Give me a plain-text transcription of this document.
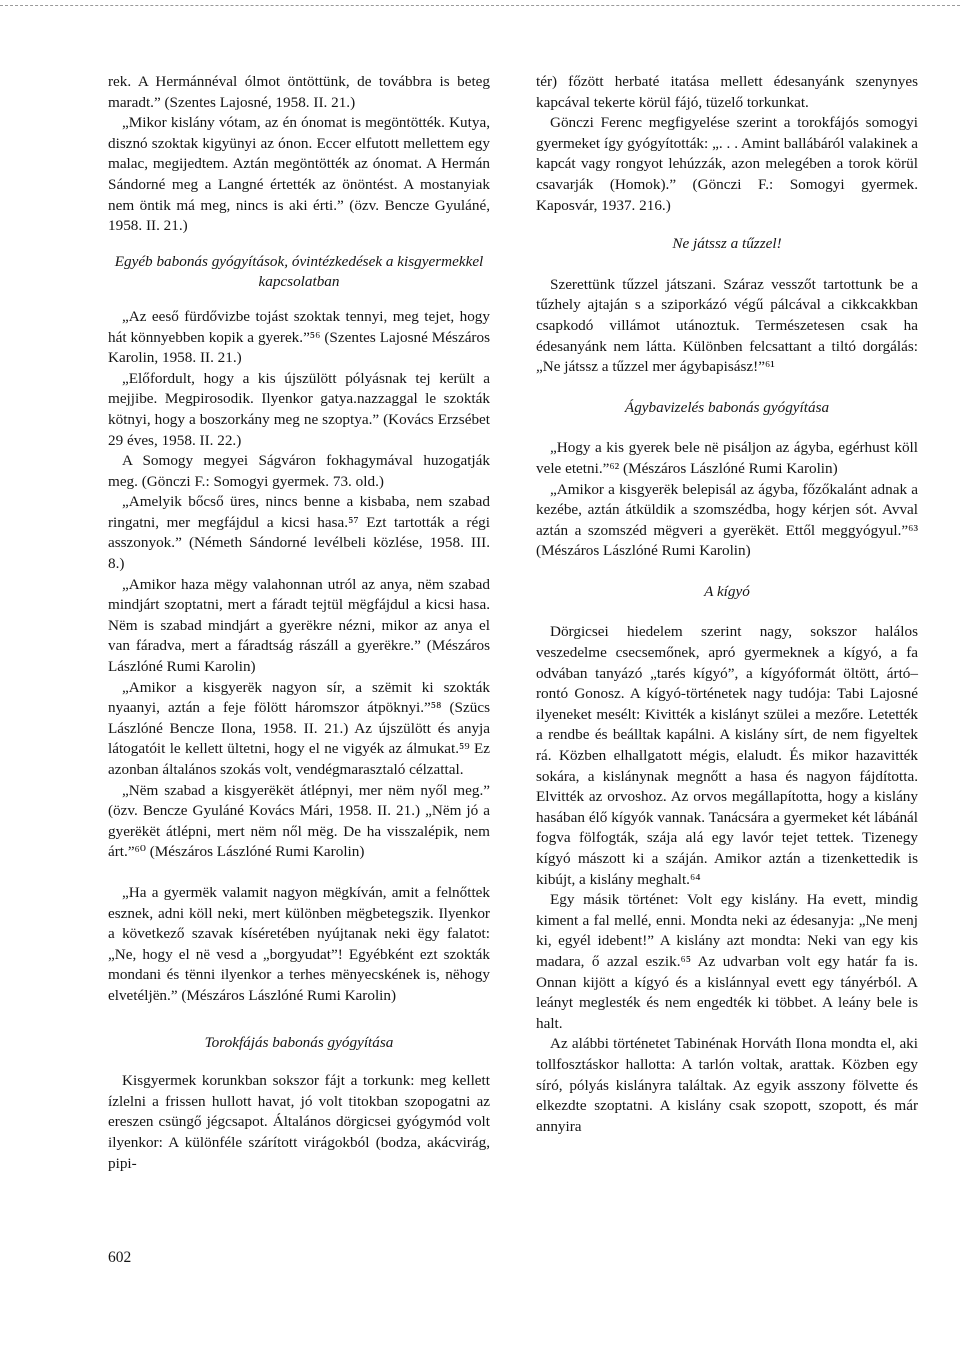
rek. A Hermánnéval ólmot öntöttünk, de továbbra is beteg maradt.” (Szentes Lajosné, 1958. II. 21.)

„Mikor kislány vótam, az én ónomat is megöntötték. Kutya, disznó szoktak kigyünyi az ónon. Eccer elfutott mellettem egy malac, megijedtem. Aztán megöntötték az ónomat. A Hermán Sándorné meg a Langné értették az önöntést. A mostanyiak nem öntik má meg, nincs is aki érti.” (özv. Bencze Gyuláné, 1958. II. 21.)

Egyéb babonás gyógyítások, óvintézkedések a kisgyermekkel kapcsolatban

„Az eeső fürdővizbe tojást szoktak tennyi, meg tejet, hogy hát könnyebben kopik a gyerek.”⁵⁶ (Szentes Lajosné Mészáros Karolin, 1958. II. 21.)

„Előfordult, hogy a kis újszülött pólyásnak tej került a mejjibe. Megpirosodik. Ilyenkor gatya.nazzaggal le szokták kötnyi, hogy a boszorkány meg ne szoptya.” (Kovács Erzsébet 29 éves, 1958. II. 22.)

A Somogy megyei Ságváron fokhagymával huzogatják meg. (Gönczi F.: Somogyi gyermek. 73. old.)

„Amelyik bőcső üres, nincs benne a kisbaba, nem szabad ringatni, mer megfájdul a kicsi hasa.⁵⁷ Ezt tartották a régi asszonyok.” (Németh Sándorné levélbeli közlése, 1958. III. 8.)

„Amikor haza mëgy valahonnan utról az anya, nëm szabad mindjárt szoptatni, mert a fáradt tejtül mëgfájdul a kicsi hasa. Nëm is szabad mindjárt a gyerëkre nézni, mikor az anya el van fáradva, mert a fáradtság rászáll a gyerëkre.” (Mészáros Lászlóné Rumi Karolin)

„Amikor a kisgyerëk nagyon sír, a szëmit ki szokták nyaanyi, aztán a feje fölött háromszor átpöknyi.”⁵⁸ (Szücs Lászlóné Bencze Ilona, 1958. II. 21.) Az újszülött és anyja látogatóit le kellett ültetni, hogy el ne vigyék az álmukat.⁵⁹ Ez azonban általános szokás volt, vendégmarasztaló célzattal.

„Nëm szabad a kisgyerëkët átlépnyi, mer nëm nyől meg.” (özv. Bencze Gyuláné Kovács Mári, 1958. II. 21.) „Nëm jó a gyerëkët átlépni, mert nëm nől mëg. De ha visszalépik, nem árt.”⁶⁰ (Mészáros Lászlóné Rumi Karolin)

„Ha a gyermëk valamit nagyon mëgkíván, amit a felnőttek esznek, adni köll neki, mert különben mëgbetegszik. Ilyenkor a következő szavak kíséretében nyújtanak neki ëgy falatot: „Ne, hogy el në vesd a „borgyudat”! Egyébként ezt szokták mondani és tënni ilyenkor a terhes mënyecskének is, nëhogy elvetéljën.” (Mészáros Lászlóné Rumi Karolin)

Torokfájás babonás gyógyítása

Kisgyermek korunkban sokszor fájt a torkunk: meg kellett ízlelni a frissen hullott havat, jó volt titokban szopogatni az ereszen csüngő jégcsapot. Általános dörgicsei gyógymód volt ilyenkor: A különféle szárított virágokból (bodza, akácvirág, pipi-

tér) főzött herbaté itatása mellett édesanyánk szenynyes kapcával tekerte körül fájó, tüzelő torkunkat.

Gönczi Ferenc megfigyelése szerint a torokfájós somogyi gyermeket így gyógyították: „. . . Amint ballábáról valakinek a kapcát vagy rongyot lehúzzák, azon melegében a torok körül csavarják (Homok).” (Gönczi F.: Somogyi gyermek. Kaposvár, 1937. 216.)

Ne játssz a tűzzel!

Szerettünk tűzzel játszani. Száraz vesszőt tartottunk be a tűzhely ajtaján s a sziporkázó végű pálcával a cikkcakkban csapkodó villámot utánoztuk. Természetesen csak ha édesanyánk nem látta. Különben felcsattant a tiltó dorgálás: „Ne játssz a tűzzel mer ágybapisász!”⁶¹

Ágybavizelés babonás gyógyítása

„Hogy a kis gyerek bele në pisáljon az ágyba, egérhust köll vele etetni.”⁶² (Mészáros Lászlóné Rumi Karolin)

„Amikor a kisgyerëk belepisál az ágyba, főzőkalánt adnak a kezébe, aztán átküldik a szomszédba, hogy kérjen sót. Avval aztán a szomszéd mëgveri a gyerëkët. Ettől meggyógyul.”⁶³ (Mészáros Lászlóné Rumi Karolin)

A kígyó

Dörgicsei hiedelem szerint nagy, sokszor halálos veszedelme csecsemőnek, apró gyermeknek a kígyó, a fa odvában tanyázó „tarés kígyó”, a kígyóformát öltött, ártó–rontó Gonosz. A kígyó-történetek nagy tudója: Tabi Lajosné ilyeneket mesélt: Kivitték a kislányt szülei a mezőre. Letették a rendbe és beálltak kapálni. A kislány sírt, de nem figyeltek rá. Közben elhallgatott mégis, elaludt. És mikor hazavitték sokára, a kislánynak megnőtt a hasa és nagyon fájdította. Elvitték az orvoshoz. Az orvos megállapította, hogy a kislány hasában élő kígyók vannak. Tanácsára a gyermeket két lábánál fogva fölfogták, szája alá egy lavór tejet tettek. Tizenegy kígyó mászott ki a száján. Amikor aztán a tizenkettedik is kibújt, a kislány meghalt.⁶⁴

Egy másik történet: Volt egy kislány. Ha evett, mindig kiment a fal mellé, enni. Mondta neki az édesanyja: „Ne menj ki, egyél idebent!” A kislány azt mondta: Neki van egy kis madara, ő azzal eszik.⁶⁵ Az udvarban volt egy határ fa is. Onnan kijött a kígyó és a kislánnyal evett egy tányérból. A leányt meglesték és nem engedték ki többet. A leány bele is halt.

Az alábbi történetet Tabinénak Horváth Ilona mondta el, aki tollfosztáskor hallotta: A tarlón voltak, arattak. Közben egy síró, pólyás kislányra találtak. Az egyik asszony fölvette és elkezdte szoptatni. A kislány csak szopott, szopott, és már annyira

602
